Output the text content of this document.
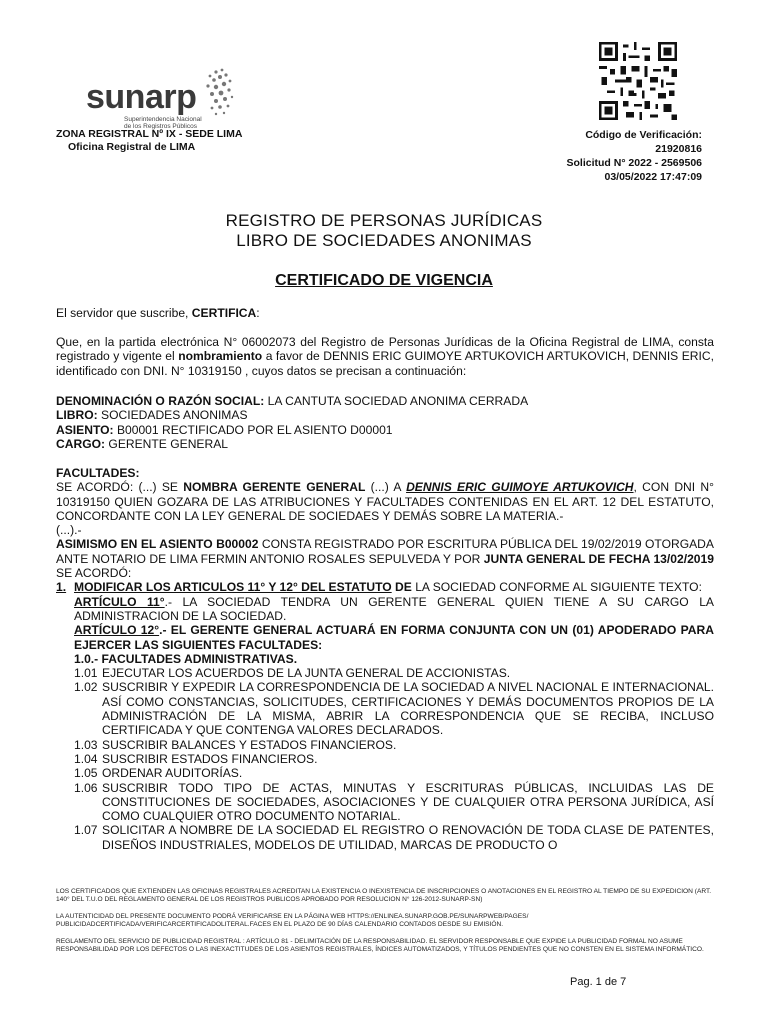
sunarp
Superintendencia Nacional de los Registros Públicos
ZONA REGISTRAL Nº IX - SEDE LIMA
Oficina Registral de LIMA
Código de Verificación:
21920816
Solicitud N° 2022 - 2569506
03/05/2022 17:47:09
REGISTRO DE PERSONAS JURÍDICAS
LIBRO DE SOCIEDADES ANONIMAS
CERTIFICADO DE VIGENCIA
El servidor que suscribe, CERTIFICA:
Que, en la partida electrónica N° 06002073 del Registro de Personas Jurídicas de la Oficina Registral de LIMA, consta registrado y vigente el nombramiento a favor de DENNIS ERIC GUIMOYE ARTUKOVICH ARTUKOVICH, DENNIS ERIC, identificado con DNI. N° 10319150 , cuyos datos se precisan a continuación:
DENOMINACIÓN O RAZÓN SOCIAL: LA CANTUTA SOCIEDAD ANONIMA CERRADA
LIBRO: SOCIEDADES ANONIMAS
ASIENTO: B00001 RECTIFICADO POR EL ASIENTO D00001
CARGO: GERENTE GENERAL
FACULTADES:
SE ACORDÓ: (...) SE NOMBRA GERENTE GENERAL (...) A DENNIS ERIC GUIMOYE ARTUKOVICH, CON DNI N° 10319150 QUIEN GOZARA DE LAS ATRIBUCIONES Y FACULTADES CONTENIDAS EN EL ART. 12 DEL ESTATUTO, CONCORDANTE CON LA LEY GENERAL DE SOCIEDAES Y DEMÁS SOBRE LA MATERIA.-
(...).-
ASIMISMO EN EL ASIENTO B00002 CONSTA REGISTRADO POR ESCRITURA PÚBLICA DEL 19/02/2019 OTORGADA ANTE NOTARIO DE LIMA FERMIN ANTONIO ROSALES SEPULVEDA Y POR JUNTA GENERAL DE FECHA 13/02/2019 SE ACORDÓ:
1. MODIFICAR LOS ARTICULOS 11° Y 12° DEL ESTATUTO DE LA SOCIEDAD CONFORME AL SIGUIENTE TEXTO:
ARTÍCULO 11°.- LA SOCIEDAD TENDRA UN GERENTE GENERAL QUIEN TIENE A SU CARGO LA ADMINISTRACION DE LA SOCIEDAD.
ARTÍCULO 12°.- EL GERENTE GENERAL ACTUARÁ EN FORMA CONJUNTA CON UN (01) APODERADO PARA EJERCER LAS SIGUIENTES FACULTADES:
1.0.- FACULTADES ADMINISTRATIVAS.
1.01 EJECUTAR LOS ACUERDOS DE LA JUNTA GENERAL DE ACCIONISTAS.
1.02 SUSCRIBIR Y EXPEDIR LA CORRESPONDENCIA DE LA SOCIEDAD A NIVEL NACIONAL E INTERNACIONAL. ASÍ COMO CONSTANCIAS, SOLICITUDES, CERTIFICACIONES Y DEMÁS DOCUMENTOS PROPIOS DE LA ADMINISTRACIÓN DE LA MISMA, ABRIR LA CORRESPONDENCIA QUE SE RECIBA, INCLUSO CERTIFICADA Y QUE CONTENGA VALORES DECLARADOS.
1.03 SUSCRIBIR BALANCES Y ESTADOS FINANCIEROS.
1.04 SUSCRIBIR ESTADOS FINANCIEROS.
1.05 ORDENAR AUDITORÍAS.
1.06 SUSCRIBIR TODO TIPO DE ACTAS, MINUTAS Y ESCRITURAS PÚBLICAS, INCLUIDAS LAS DE CONSTITUCIONES DE SOCIEDADES, ASOCIACIONES Y DE CUALQUIER OTRA PERSONA JURÍDICA, ASÍ COMO CUALQUIER OTRO DOCUMENTO NOTARIAL.
1.07 SOLICITAR A NOMBRE DE LA SOCIEDAD EL REGISTRO O RENOVACIÓN DE TODA CLASE DE PATENTES, DISEÑOS INDUSTRIALES, MODELOS DE UTILIDAD, MARCAS DE PRODUCTO O
LOS CERTIFICADOS QUE EXTIENDEN LAS OFICINAS REGISTRALES ACREDITAN LA EXISTENCIA O INEXISTENCIA DE INSCRIPCIONES O ANOTACIONES EN EL REGISTRO AL TIEMPO DE SU EXPEDICION (ART. 140° DEL T.U.O DEL REGLAMENTO GENERAL DE LOS REGISTROS PUBLICOS APROBADO POR RESOLUCION N° 126-2012-SUNARP-SN)
LA AUTENTICIDAD DEL PRESENTE DOCUMENTO PODRÁ VERIFICARSE EN LA PÁGINA WEB HTTPS://ENLINEA.SUNARP.GOB.PE/SUNARPWEB/PAGES/ PUBLICIDADCERTIFICADA/VERIFICARCERTIFICADOLITERAL.FACES EN EL PLAZO DE 90 DÍAS CALENDARIO CONTADOS DESDE SU EMISIÓN.
REGLAMENTO DEL SERVICIO DE PUBLICIDAD REGISTRAL : ARTÍCULO 81 - DELIMITACIÓN DE LA RESPONSABILIDAD. EL SERVIDOR RESPONSABLE QUE EXPIDE LA PUBLICIDAD FORMAL NO ASUME RESPONSABILIDAD POR LOS DEFECTOS O LAS INEXACTITUDES DE LOS ASIENTOS REGISTRALES, ÍNDICES AUTOMATIZADOS, Y TÍTULOS PENDIENTES QUE NO CONSTEN EN EL SISTEMA INFORMÁTICO.
Pag. 1 de 7
